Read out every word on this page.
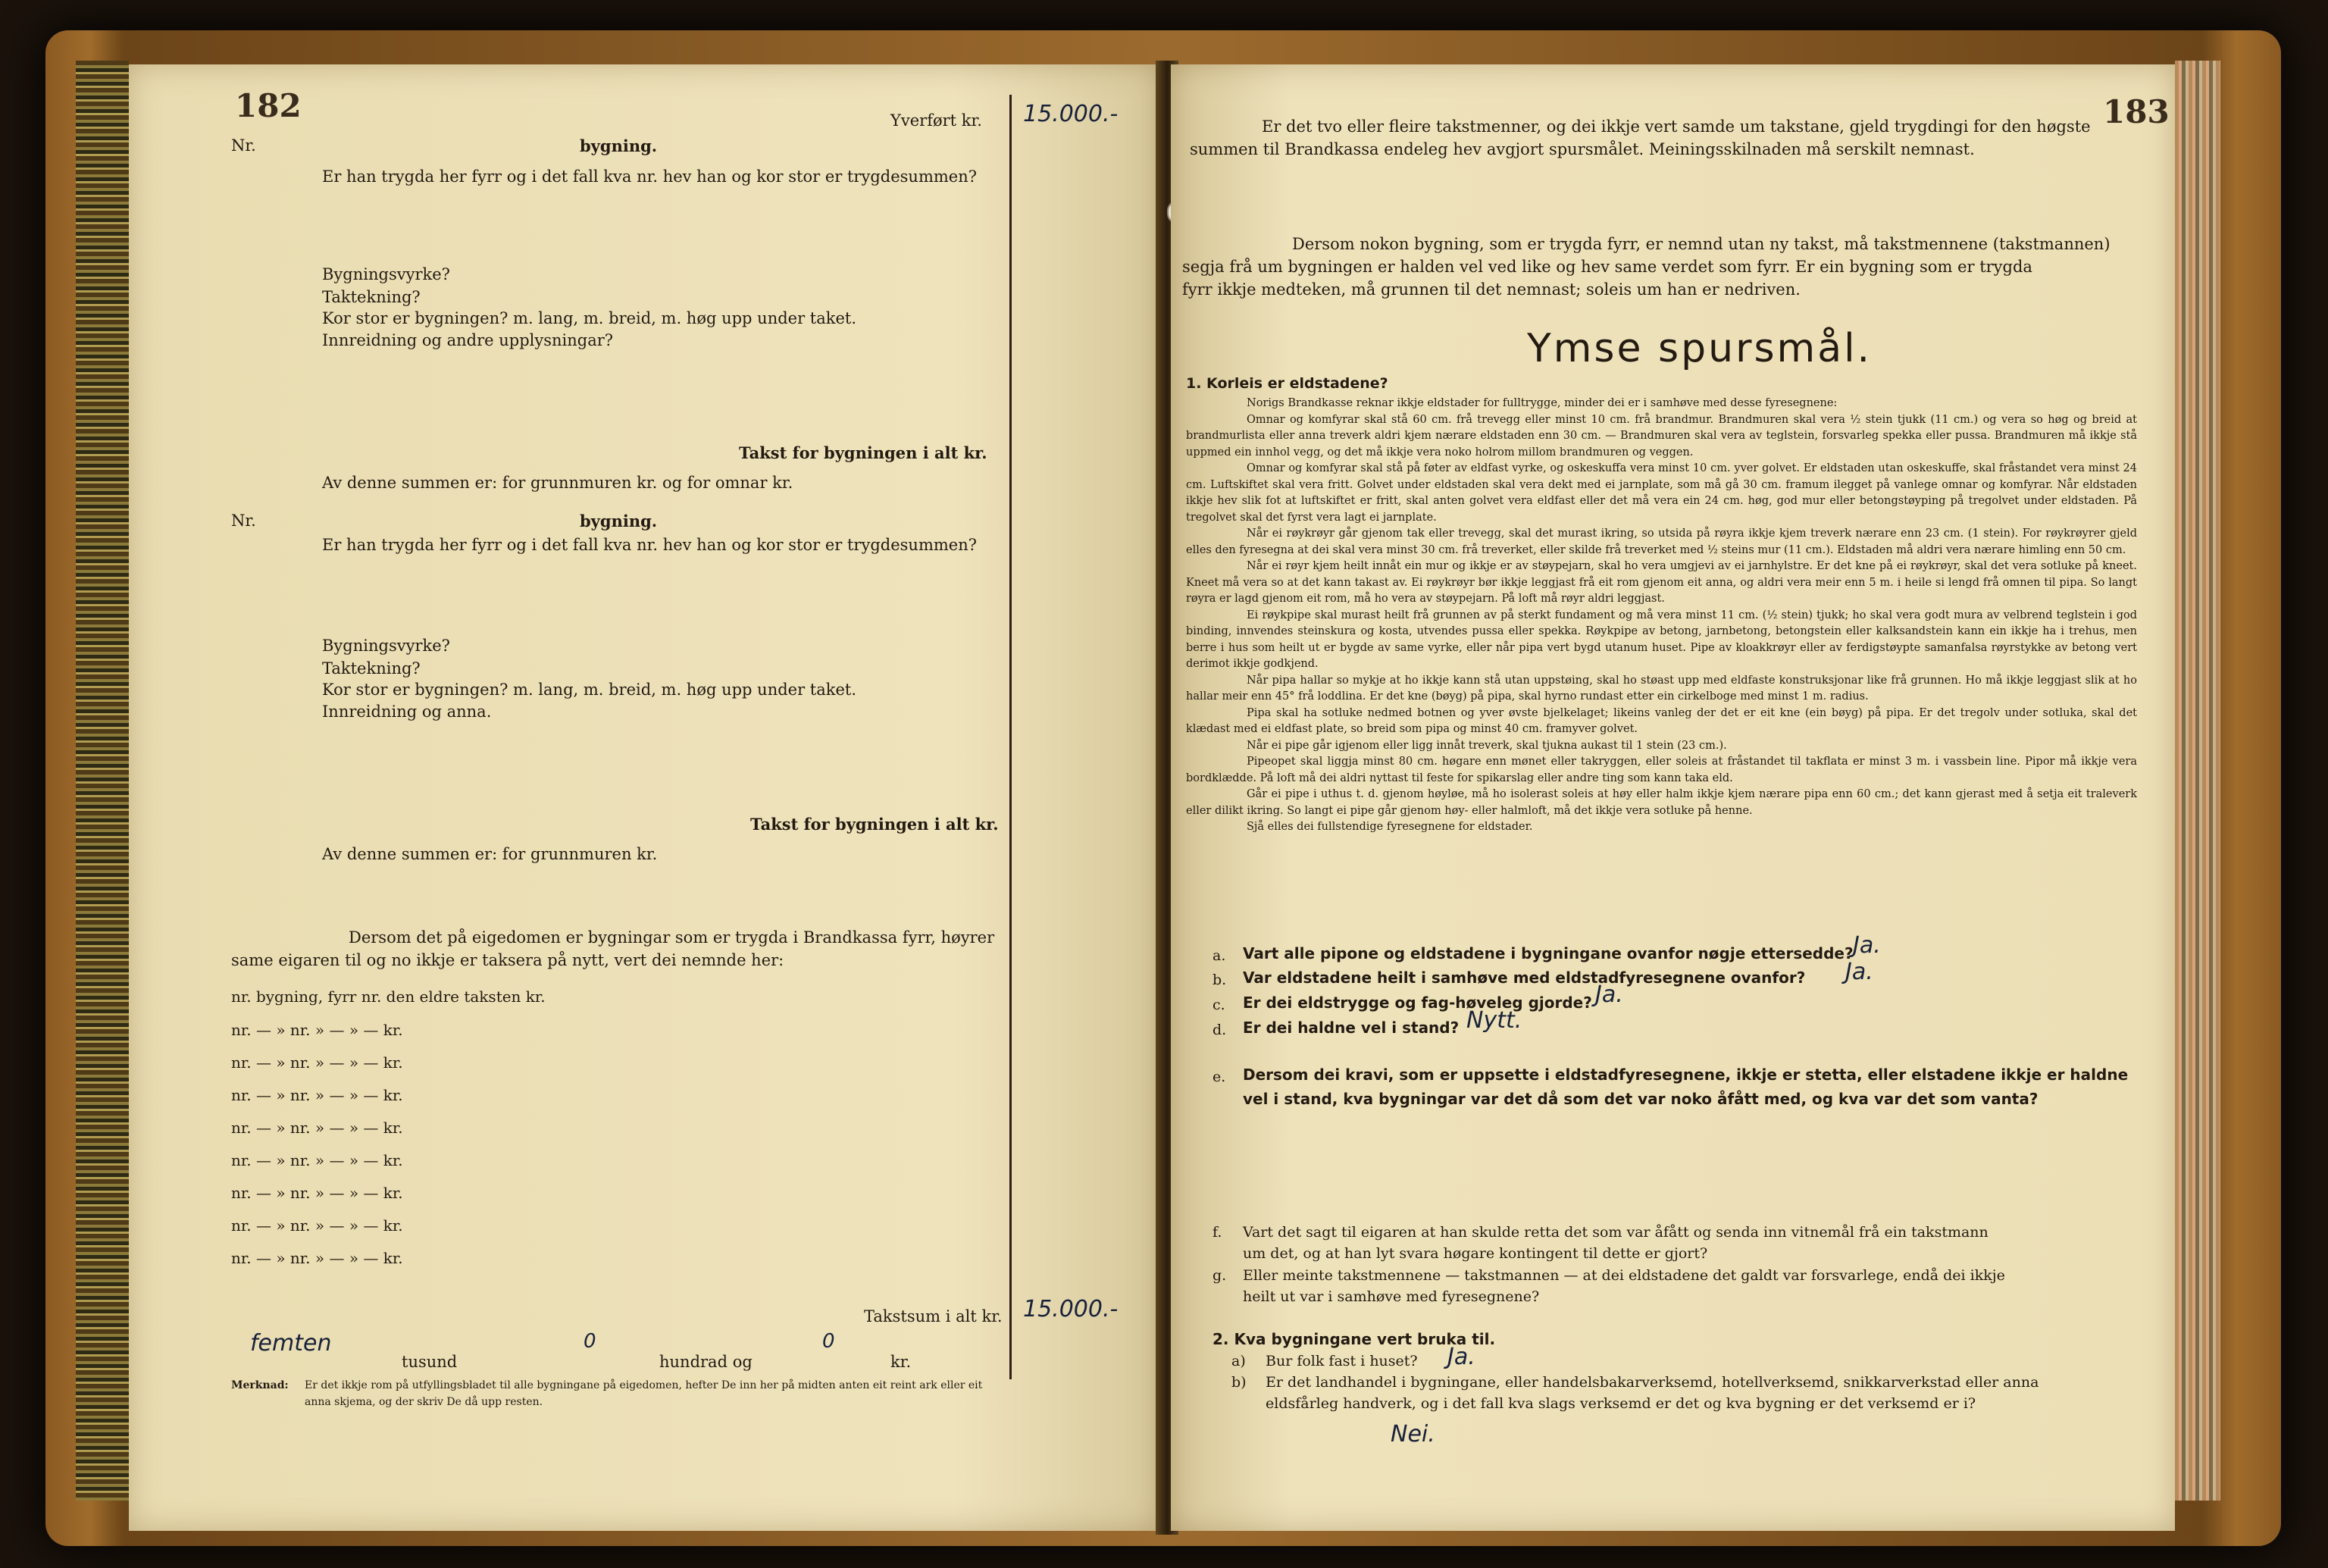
182	Yverført kr. 15.000.-
Nr.	bygning.
Er han trygda her fyrr og i det fall kva nr. hev han og kor stor er trygdesummen?
Bygningsvyrke?
Taktekning?
Kor stor er bygningen? m. lang, m. breid, m. høg upp under taket.
Innreidning og andre upplysningar?
Takst for bygningen i alt kr.
Av denne summen er: for grunnmuren kr. og for omnar kr.
Nr.	bygning.
Er han trygda her fyrr og i det fall kva nr. hev han og kor stor er trygdesummen?
Bygningsvyrke?
Taktekning?
Kor stor er bygningen? m. lang, m. breid, m. høg upp under taket.
Innreidning og anna.
Takst for bygningen i alt kr.
Av denne summen er: for grunnmuren kr.
Dersom det på eigedomen er bygningar som er trygda i Brandkassa fyrr, høyrer
same eigaren til og no ikkje er taksera på nytt, vert dei nemnde her:
nr. bygning, fyrr nr. den eldre taksten kr.
Takstsum i alt kr. 15.000.-
femten
tusund
0
hundrad og
0
kr.
Merknad: Er det ikkje rom på utfyllingsbladet til alle bygningane på eigedomen, hefter De inn her på midten anten eit reint ark eller eit
anna skjema, og der skriv De då upp resten.
nr. — » nr. » — » — kr.
nr. — » nr. » — » — kr.
nr. — » nr. » — » — kr.
nr. — » nr. » — » — kr.
nr. — » nr. » — » — kr.
nr. — » nr. » — » — kr.
nr. — » nr. » — » — kr.
nr. — » nr. » — » — kr.
183
Er det tvo eller fleire takstmenner, og dei ikkje vert samde um takstane, gjeld trygdingi for den høgste
summen til Brandkassa endeleg hev avgjort spursmålet. Meiningsskilnaden må serskilt nemnast.
Dersom nokon bygning, som er trygda fyrr, er nemnd utan ny takst, må takstmennene (takstmannen)
segja frå um bygningen er halden vel ved like og hev same verdet som fyrr. Er ein bygning som er trygda
fyrr ikkje medteken, må grunnen til det nemnast; soleis um han er nedriven.
Ymse spursmål.
1. Korleis er eldstadene?

Norigs Brandkasse reknar ikkje eldstader for fulltrygge, minder dei er i samhøve med desse fyresegnene:

Omnar og komfyrar skal stå 60 cm. frå trevegg eller minst 10 cm. frå brandmur. Brandmuren skal vera ½ stein tjukk (11 cm.) og vera so høg og breid at brandmurlista eller anna treverk aldri kjem nærare eldstaden enn 30 cm. — Brandmuren skal vera av teglstein, forsvarleg spekka eller pussa. Brandmuren må ikkje stå uppmed ein innhol vegg, og det må ikkje vera noko holrom millom brandmuren og veggen.

Omnar og komfyrar skal stå på føter av eldfast vyrke, og oskeskuffa vera minst 10 cm. yver golvet. Er eldstaden utan oskeskuffe, skal fråstandet vera minst 24 cm. Luftskiftet skal vera fritt. Golvet under eldstaden skal vera dekt med ei jarnplate, som må gå 30 cm. framum ilegget på vanlege omnar og komfyrar. Når eldstaden ikkje hev slik fot at luftskiftet er fritt, skal anten golvet vera eldfast eller det må vera ein 24 cm. høg, god mur eller betongstøyping på tregolvet under eldstaden. På tregolvet skal det fyrst vera lagt ei jarnplate.

Når ei røykrøyr går gjenom tak eller trevegg, skal det murast ikring, so utsida på røyra ikkje kjem treverk nærare enn 23 cm. (1 stein). For røykrøyrer gjeld elles den fyresegna at dei skal vera minst 30 cm. frå treverket, eller skilde frå treverket med ½ steins mur (11 cm.). Eldstaden må aldri vera nærare himling enn 50 cm.

Når ei røyr kjem heilt innåt ein mur og ikkje er av støypejarn, skal ho vera umgjevi av ei jarnhylstre. Er det kne på ei røykrøyr, skal det vera sotluke på kneet. Kneet må vera so at det kann takast av. Ei røykrøyr bør ikkje leggjast frå eit rom gjenom eit anna, og aldri vera meir enn 5 m. i heile si lengd frå omnen til pipa. So langt røyra er lagd gjenom eit rom, må ho vera av støypejarn. På loft må røyr aldri leggjast.

Ei røykpipe skal murast heilt frå grunnen av på sterkt fundament og må vera minst 11 cm. (½ stein) tjukk; ho skal vera godt mura av velbrend teglstein i god binding, innvendes steinskura og kosta, utvendes pussa eller spekka. Røykpipe av betong, jarnbetong, betongstein eller kalksandstein kann ein ikkje ha i trehus, men berre i hus som heilt ut er bygde av same vyrke, eller når pipa vert bygd utanum huset. Pipe av kloakkrøyr eller av ferdigstøypte samanfalsa røyrstykke av betong vert derimot ikkje godkjend.

Når pipa hallar so mykje at ho ikkje kann stå utan uppstøing, skal ho støast upp med eldfaste konstruksjonar like frå grunnen. Ho må ikkje leggjast slik at ho hallar meir enn 45° frå loddlina. Er det kne (bøyg) på pipa, skal hyrno rundast etter ein cirkelboge med minst 1 m. radius.

Pipa skal ha sotluke nedmed botnen og yver øvste bjelkelaget; likeins vanleg der det er eit kne (ein bøyg) på pipa. Er det tregolv under sotluka, skal det klædast med ei eldfast plate, so breid som pipa og minst 40 cm. framyver golvet.

Når ei pipe går igjenom eller ligg innåt treverk, skal tjukna aukast til 1 stein (23 cm.).

Pipeopet skal liggja minst 80 cm. høgare enn mønet eller takryggen, eller soleis at fråstandet til takflata er minst 3 m. i vassbein line. Pipor må ikkje vera bordklædde. På loft må dei aldri nyttast til feste for spikarslag eller andre ting som kann taka eld.

Går ei pipe i uthus t. d. gjenom høyløe, må ho isolerast soleis at høy eller halm ikkje kjem nærare pipa enn 60 cm.; det kann gjerast med å setja eit traleverk eller dilikt ikring. So langt ei pipe går gjenom høy- eller halmloft, må det ikkje vera sotluke på henne.

Sjå elles dei fullstendige fyresegnene for eldstader.

a. Vart alle pipone og eldstadene i bygningane ovanfor nøgje ettersedde? Ja.
b. Var eldstadene heilt i samhøve med eldstadfyresegnene ovanfor? Ja.
c. Er dei eldstrygge og fag-høveleg gjorde? Ja.
d. Er dei haldne vel i stand? Nytt.
e. Dersom dei kravi, som er uppsette i eldstadfyresegnene, ikkje er stetta, eller elstadene ikkje er haldne
vel i stand, kva bygningar var det då som det var noko åfått med, og kva var det som vanta?
f. Vart det sagt til eigaren at han skulde retta det som var åfått og senda inn vitnemål frå ein takstmann
um det, og at han lyt svara høgare kontingent til dette er gjort?
g. Eller meinte takstmennene — takstmannen — at dei eldstadene det galdt var forsvarlege, endå dei ikkje
heilt ut var i samhøve med fyresegnene?
2. Kva bygningane vert bruka til.
a) Bur folk fast i huset? Ja.
b) Er det landhandel i bygningane, eller handelsbakarverksemd, hotellverksemd, snikkarverkstad eller anna
eldsfårleg handverk, og i det fall kva slags verksemd er det og kva bygning er det verksemd er i?
Nei.
